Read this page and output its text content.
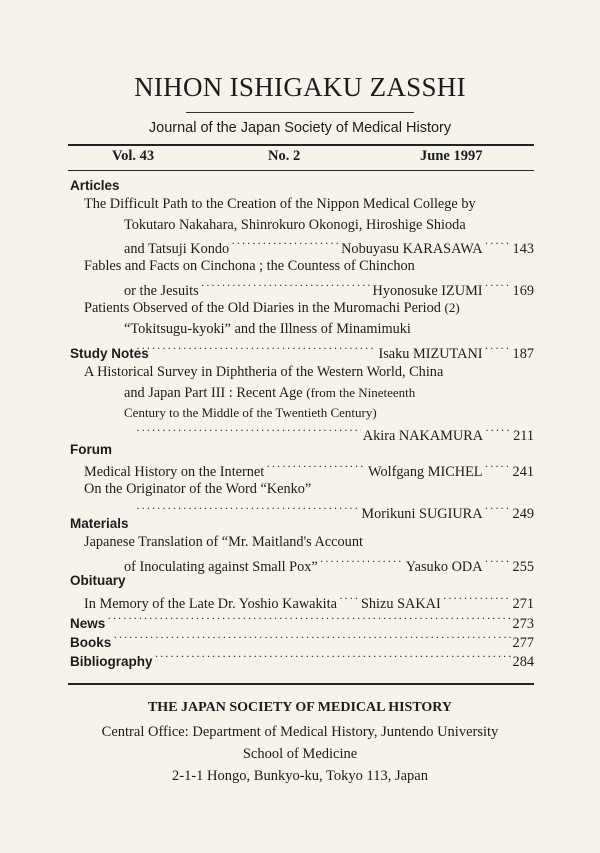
NIHON ISHIGAKU ZASSHI
Journal of the Japan Society of Medical History
Vol. 43	No. 2	June 1997
Articles
The Difficult Path to the Creation of the Nippon Medical College by
Tokutaro Nakahara, Shinrokuro Okonogi, Hiroshige Shioda
and Tatsuji Kondo ·····	Nobuyasu KARASAWA ····· 143
Fables and Facts on Cinchona ; the Countess of Chinchon
or the Jesuits ·····	Hyonosuke IZUMI ····· 169
Patients Observed of the Old Diaries in the Muromachi Period (2)
“Tokitsugu-kyoki” and the Illness of Minamimuki
·····
Isaku MIZUTANI ····· 187
Study Notes
A Historical Survey in Diphtheria of the Western World, China
and Japan Part III : Recent Age (from the Nineteenth
Century to the Middle of the Twentieth Century)
·····
Akira NAKAMURA ····· 211
Forum
Medical History on the Internet ·····	Wolfgang MICHEL ····· 241
On the Originator of the Word “Kenko”
·····
Morikuni SUGIURA ····· 249
Materials
Japanese Translation of “Mr. Maitland's Account
of Inoculating against Small Pox” ·····	Yasuko ODA ····· 255
Obituary
In Memory of the Late Dr. Yoshio Kawakita ····· Shizu SAKAI ·····	271
News ·····	273
Books ·····	277
Bibliography ·····	284
THE JAPAN SOCIETY OF MEDICAL HISTORY
Central Office: Department of Medical History, Juntendo University
School of Medicine
2-1-1 Hongo, Bunkyo-ku, Tokyo 113, Japan
